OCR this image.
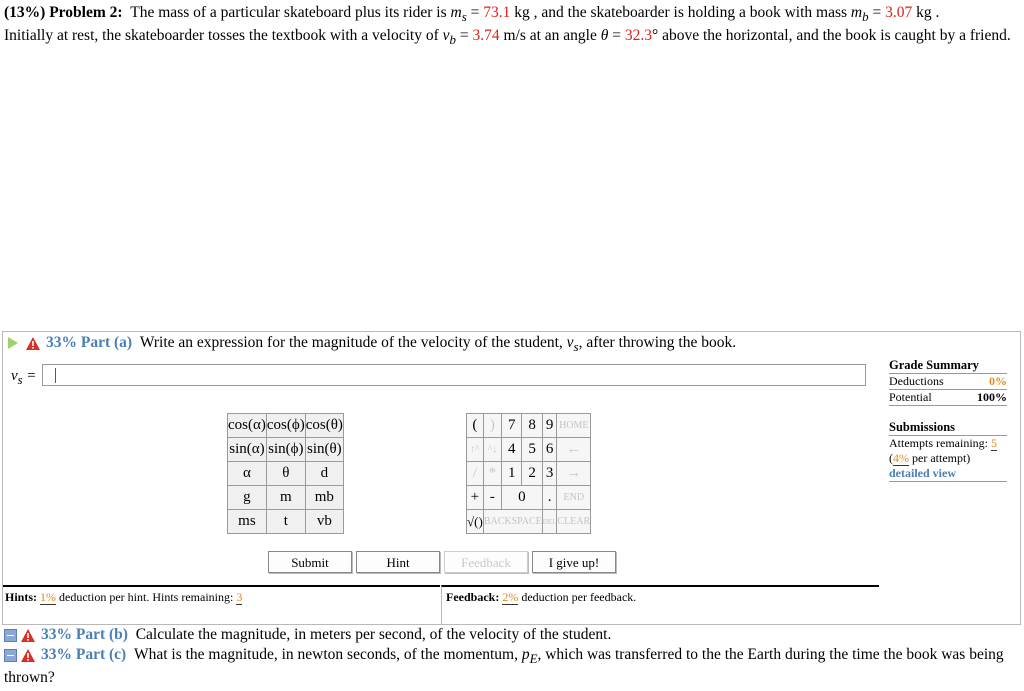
(13%) Problem 2: The mass of a particular skateboard plus its rider is $m_s = 73.1$ kg , and the skateboarder is holding a book with mass $m_b = 3.07$ kg .
Initially at rest, the skateboarder tosses the textbook with a velocity of $v_b = 3.74$ m/s at an angle θ = 32.3° above the horizontal, and the book is caught by a friend.
33% Part (a) Write an expression for the magnitude of the velocity of the student, $v_s$, after throwing the book.
$v_s$ =
cos(α)	cos(ϕ)	cos(θ)
sin(α)	sin(ϕ)	sin(θ)
α	θ	d
g	m	mb
ms	t	vb
(	)	7	8	9	HOME
↑^	^↓	4	5	6	←
/	*	1	2	3	→
+	-	0		.	END
√()	BACKSPACE			DEL	CLEAR
Submit	Hint	Feedback	I give up!
Grade Summary
Deductions	0%
Potential	100%
Submissions
Attempts remaining: 5
(4% per attempt)
detailed view
Hints: 1% deduction per hint. Hints remaining: 3	Feedback: 2% deduction per feedback.
33% Part (b) Calculate the magnitude, in meters per second, of the velocity of the student.
33% Part (c) What is the magnitude, in newton seconds, of the momentum, $p_E$, which was transferred to the the Earth during the time the book was being thrown?
